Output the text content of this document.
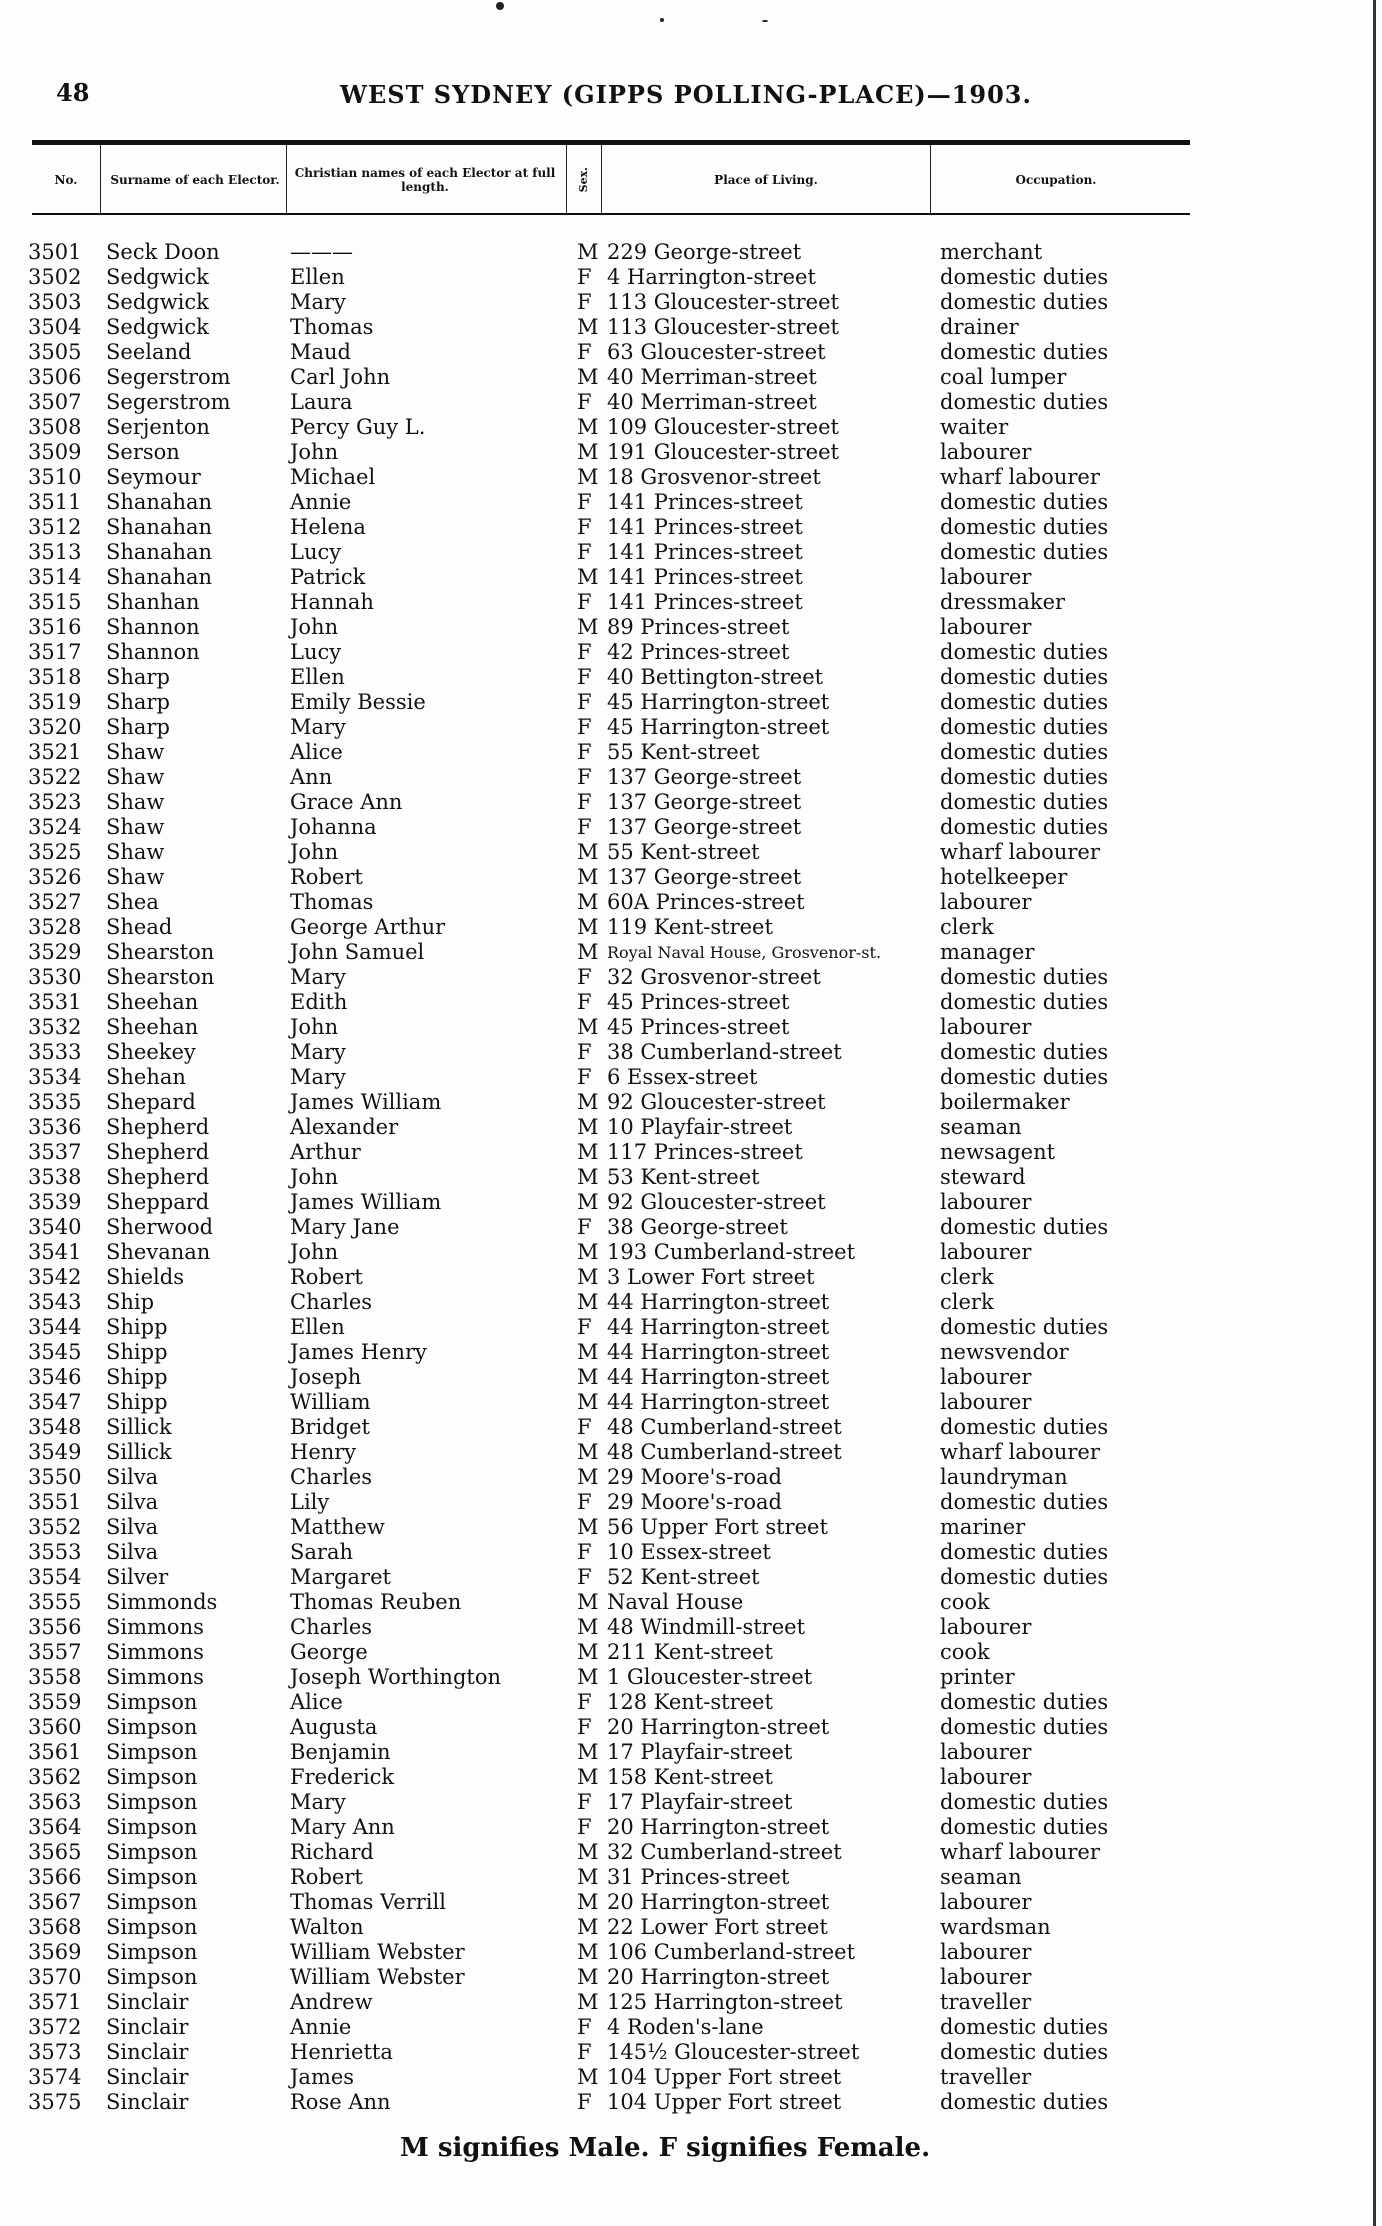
48	WEST SYDNEY (GIPPS POLLING-PLACE)—1903.
No.	Surname of each Elector.	Christian names of each Elector at full length.	Sex.	Place of Living.	Occupation.
3501 Seck Doon	———	M 229 George-street	merchant
3502 Sedgwick	Ellen	F 4 Harrington-street	domestic duties
3503 Sedgwick	Mary	F 113 Gloucester-street	domestic duties
3504 Sedgwick	Thomas	M 113 Gloucester-street	drainer
3505 Seeland	Maud	F 63 Gloucester-street	domestic duties
3506 Segerstrom	Carl John	M 40 Merriman-street	coal lumper
3507 Segerstrom	Laura	F 40 Merriman-street	domestic duties
3508 Serjenton	Percy Guy L.	M 109 Gloucester-street	waiter
3509 Serson	John	M 191 Gloucester-street	labourer
3510 Seymour	Michael	M 18 Grosvenor-street	wharf labourer
3511 Shanahan	Annie	F 141 Princes-street	domestic duties
3512 Shanahan	Helena	F 141 Princes-street	domestic duties
3513 Shanahan	Lucy	F 141 Princes-street	domestic duties
3514 Shanahan	Patrick	M 141 Princes-street	labourer
3515 Shanhan	Hannah	F 141 Princes-street	dressmaker
3516 Shannon	John	M 89 Princes-street	labourer
3517 Shannon	Lucy	F 42 Princes-street	domestic duties
3518 Sharp	Ellen	F 40 Bettington-street	domestic duties
3519 Sharp	Emily Bessie	F 45 Harrington-street	domestic duties
3520 Sharp	Mary	F 45 Harrington-street	domestic duties
3521 Shaw	Alice	F 55 Kent-street	domestic duties
3522 Shaw	Ann	F 137 George-street	domestic duties
3523 Shaw	Grace Ann	F 137 George-street	domestic duties
3524 Shaw	Johanna	F 137 George-street	domestic duties
3525 Shaw	John	M 55 Kent-street	wharf labourer
3526 Shaw	Robert	M 137 George-street	hotelkeeper
3527 Shea	Thomas	M 60A Princes-street	labourer
3528 Shead	George Arthur	M 119 Kent-street	clerk
3529 Shearston	John Samuel	M Royal Naval House, Grosvenor-st.	manager
3530 Shearston	Mary	F 32 Grosvenor-street	domestic duties
3531 Sheehan	Edith	F 45 Princes-street	domestic duties
3532 Sheehan	John	M 45 Princes-street	labourer
3533 Sheekey	Mary	F 38 Cumberland-street	domestic duties
3534 Shehan	Mary	F 6 Essex-street	domestic duties
3535 Shepard	James William	M 92 Gloucester-street	boilermaker
3536 Shepherd	Alexander	M 10 Playfair-street	seaman
3537 Shepherd	Arthur	M 117 Princes-street	newsagent
3538 Shepherd	John	M 53 Kent-street	steward
3539 Sheppard	James William	M 92 Gloucester-street	labourer
3540 Sherwood	Mary Jane	F 38 George-street	domestic duties
3541 Shevanan	John	M 193 Cumberland-street	labourer
3542 Shields	Robert	M 3 Lower Fort street	clerk
3543 Ship	Charles	M 44 Harrington-street	clerk
3544 Shipp	Ellen	F 44 Harrington-street	domestic duties
3545 Shipp	James Henry	M 44 Harrington-street	newsvendor
3546 Shipp	Joseph	M 44 Harrington-street	labourer
3547 Shipp	William	M 44 Harrington-street	labourer
3548 Sillick	Bridget	F 48 Cumberland-street	domestic duties
3549 Sillick	Henry	M 48 Cumberland-street	wharf labourer
3550 Silva	Charles	M 29 Moore's-road	laundryman
3551 Silva	Lily	F 29 Moore's-road	domestic duties
3552 Silva	Matthew	M 56 Upper Fort street	mariner
3553 Silva	Sarah	F 10 Essex-street	domestic duties
3554 Silver	Margaret	F 52 Kent-street	domestic duties
3555 Simmonds	Thomas Reuben	M Naval House	cook
3556 Simmons	Charles	M 48 Windmill-street	labourer
3557 Simmons	George	M 211 Kent-street	cook
3558 Simmons	Joseph Worthington	M 1 Gloucester-street	printer
3559 Simpson	Alice	F 128 Kent-street	domestic duties
3560 Simpson	Augusta	F 20 Harrington-street	domestic duties
3561 Simpson	Benjamin	M 17 Playfair-street	labourer
3562 Simpson	Frederick	M 158 Kent-street	labourer
3563 Simpson	Mary	F 17 Playfair-street	domestic duties
3564 Simpson	Mary Ann	F 20 Harrington-street	domestic duties
3565 Simpson	Richard	M 32 Cumberland-street	wharf labourer
3566 Simpson	Robert	M 31 Princes-street	seaman
3567 Simpson	Thomas Verrill	M 20 Harrington-street	labourer
3568 Simpson	Walton	M 22 Lower Fort street	wardsman
3569 Simpson	William Webster	M 106 Cumberland-street	labourer
3570 Simpson	William Webster	M 20 Harrington-street	labourer
3571 Sinclair	Andrew	M 125 Harrington-street	traveller
3572 Sinclair	Annie	F 4 Roden's-lane	domestic duties
3573 Sinclair	Henrietta	F 145½ Gloucester-street	domestic duties
3574 Sinclair	James	M 104 Upper Fort street	traveller
3575 Sinclair	Rose Ann	F 104 Upper Fort street	domestic duties
M signifies Male. F signifies Female.
